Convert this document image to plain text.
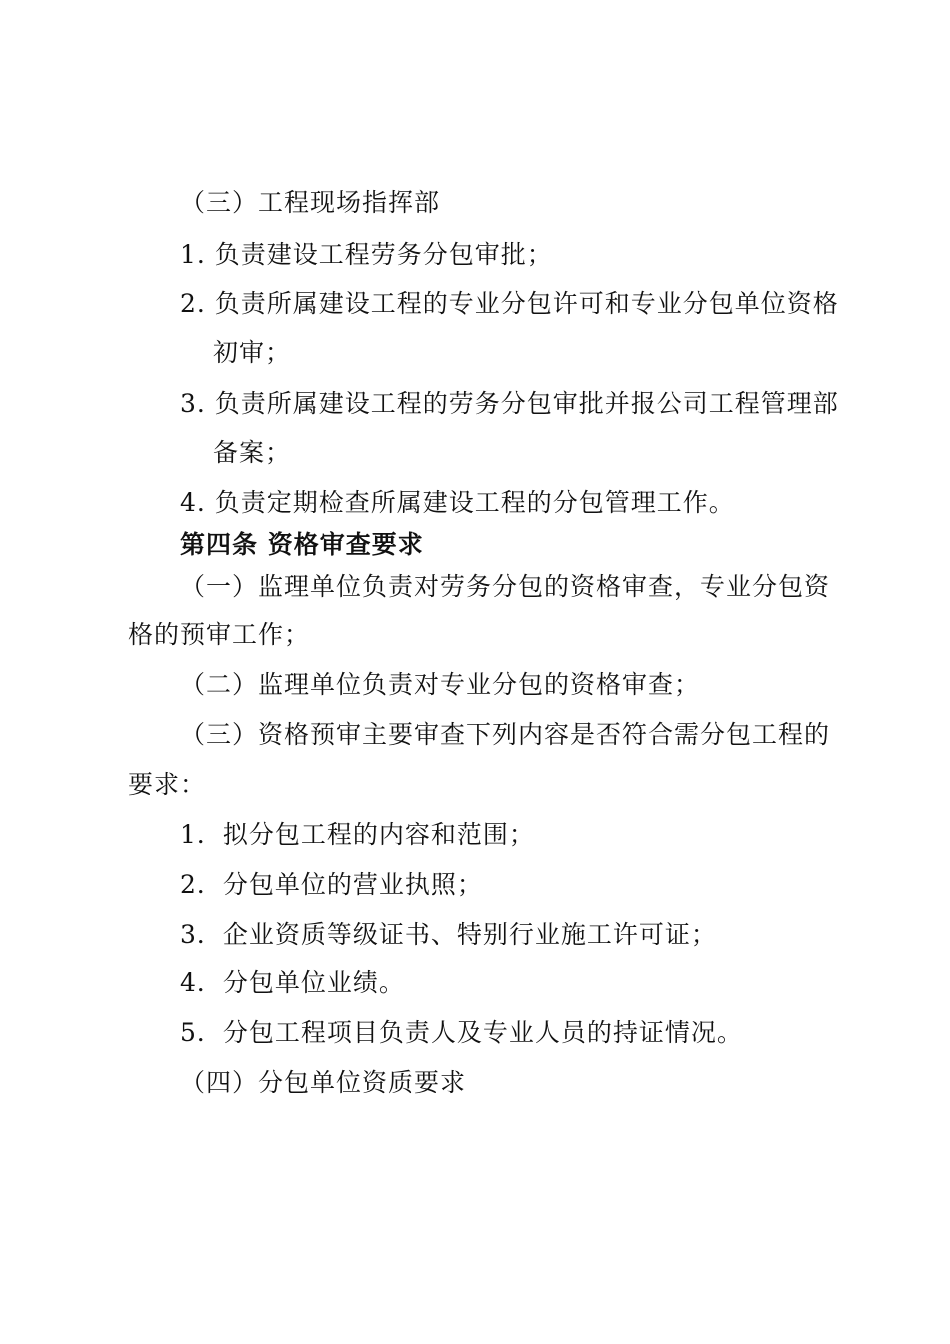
（三）工程现场指挥部
1. 负责建设工程劳务分包审批；
2. 负责所属建设工程的专业分包许可和专业分包单位资格
初审；
3. 负责所属建设工程的劳务分包审批并报公司工程管理部
备案；
4. 负责定期检查所属建设工程的分包管理工作。
第四条 资格审查要求
（一）监理单位负责对劳务分包的资格审查，专业分包资
格的预审工作；
（二）监理单位负责对专业分包的资格审查；
（三）资格预审主要审查下列内容是否符合需分包工程的
要求：
1．拟分包工程的内容和范围；
2．分包单位的营业执照；
3．企业资质等级证书、特别行业施工许可证；
4．分包单位业绩。
5．分包工程项目负责人及专业人员的持证情况。
（四）分包单位资质要求
